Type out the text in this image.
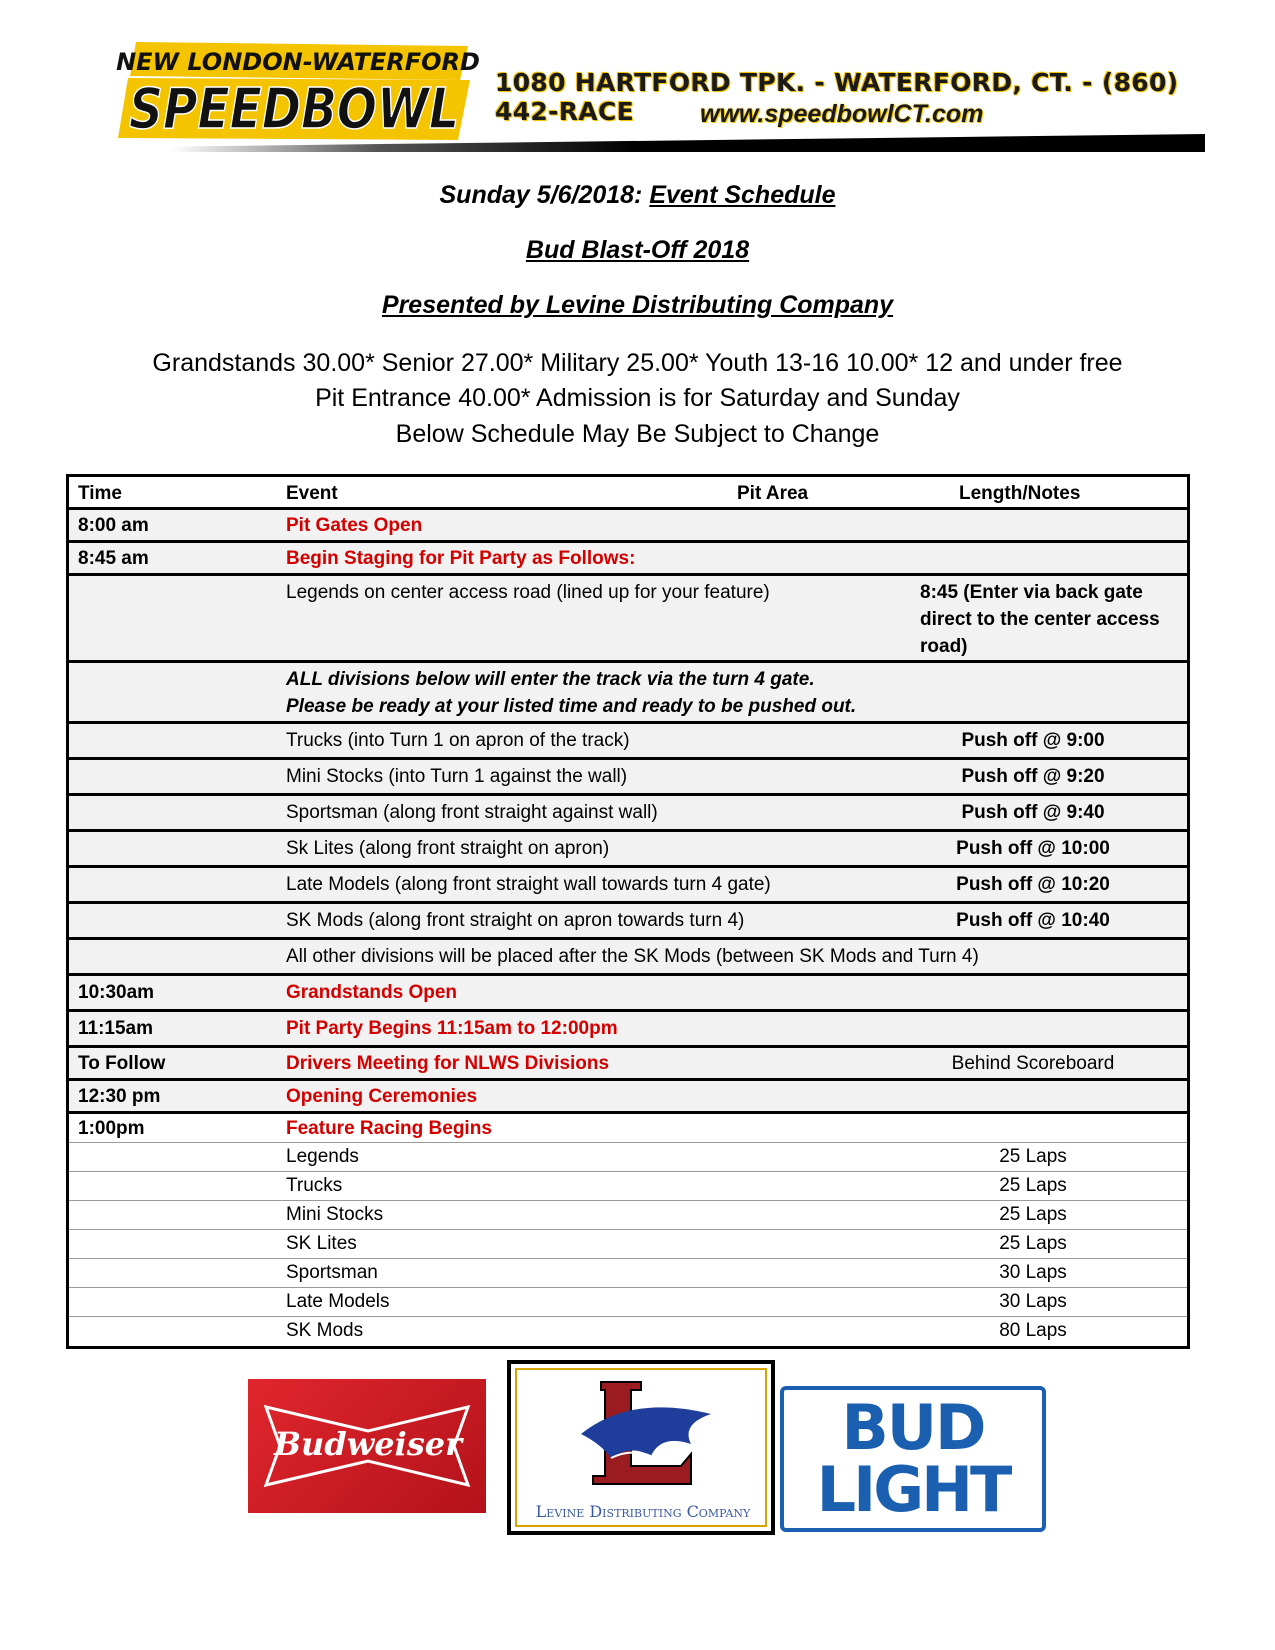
NEW LONDON-WATERFORD
SPEEDBOWL 1080 HARTFORD TPK. - WATERFORD, CT. - (860) 442-RACE	www.speedbowlCT.com
Sunday 5/6/2018: Event Schedule
Bud Blast-Off 2018
Presented by Levine Distributing Company
Grandstands 30.00* Senior 27.00* Military 25.00* Youth 13-16 10.00* 12 and under free
Pit Entrance 40.00* Admission is for Saturday and Sunday
Below Schedule May Be Subject to Change
Time	Event	Pit Area	Length/Notes
8:00 am	Pit Gates Open
8:45 am	Begin Staging for Pit Party as Follows:
Legends on center access road (lined up for your feature)	8:45 (Enter via back gate
direct to the center access
road)
ALL divisions below will enter the track via the turn 4 gate.
Please be ready at your listed time and ready to be pushed out.
Trucks (into Turn 1 on apron of the track)	Push off @ 9:00
Mini Stocks (into Turn 1 against the wall)	Push off @ 9:20
Sportsman (along front straight against wall)	Push off @ 9:40
Sk Lites (along front straight on apron)	Push off @ 10:00
Late Models (along front straight wall towards turn 4 gate)	Push off @ 10:20
SK Mods (along front straight on apron towards turn 4)	Push off @ 10:40
All other divisions will be placed after the SK Mods (between SK Mods and Turn 4)
10:30am	Grandstands Open
11:15am	Pit Party Begins 11:15am to 12:00pm
To Follow	Drivers Meeting for NLWS Divisions	Behind Scoreboard
12:30 pm	Opening Ceremonies
1:00pm	Feature Racing Begins
Legends	25 Laps
Trucks	25 Laps
Mini Stocks	25 Laps
SK Lites	25 Laps
Sportsman	30 Laps
Late Models	30 Laps
SK Mods	80 Laps
Budweiser
Levine Distributing Company
BUD
LIGHT
